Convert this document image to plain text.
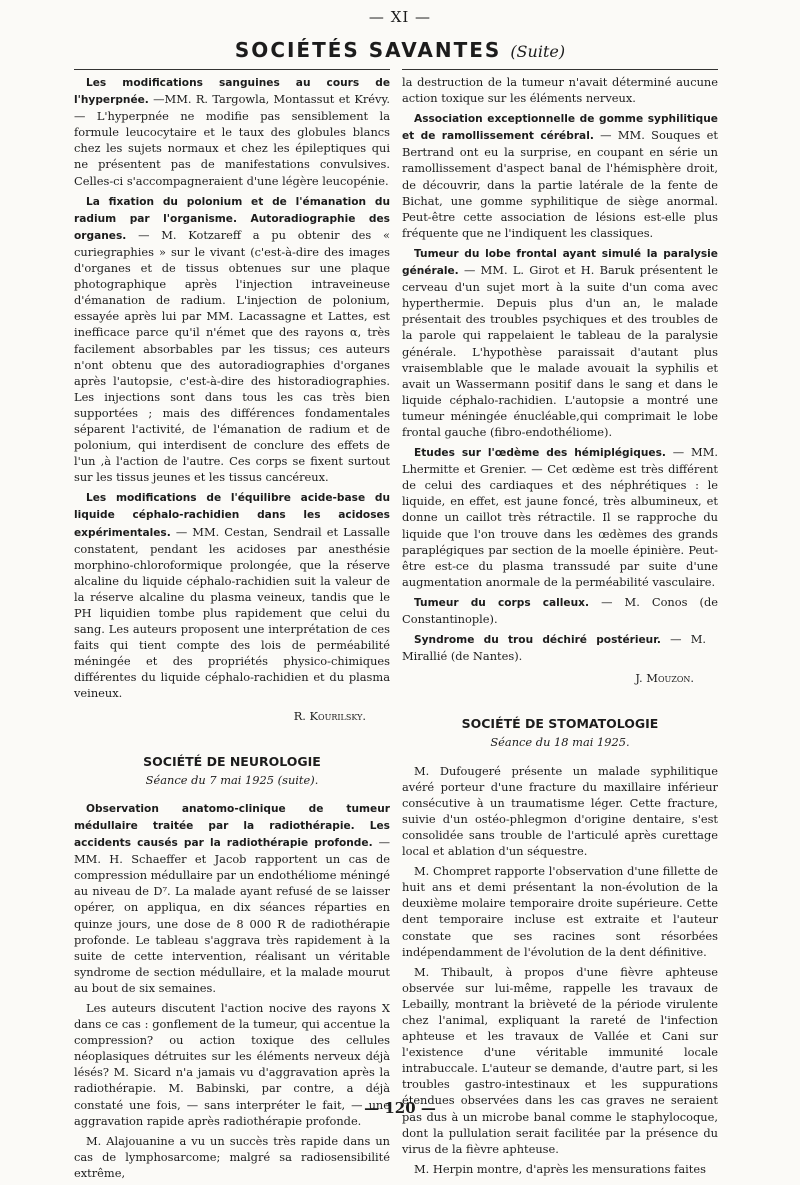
— XI —
SOCIÉTÉS SAVANTES (Suite)

Les modifications sanguines au cours de l'hyperpnée. —MM. R. Targowla, Montassut et Krévy. — L'hyperpnée ne modifie pas sensiblement la formule leucocytaire et le taux des globules blancs chez les sujets normaux et chez les épileptiques qui ne présentent pas de manifestations convulsives. Celles-ci s'accompagneraient d'une légère leucopénie.

La fixation du polonium et de l'émanation du radium par l'organisme. Autoradiographie des organes. — M. Kotzareff a pu obtenir des « curiegraphies » sur le vivant (c'est-à-dire des images d'organes et de tissus obtenues sur une plaque photographique après l'injection intraveineuse d'émanation de radium. L'injection de polonium, essayée après lui par MM. Lacassagne et Lattes, est inefficace parce qu'il n'émet que des rayons α, très facilement absorbables par les tissus; ces auteurs n'ont obtenu que des autoradiographies d'organes après l'autopsie, c'est-à-dire des historadiographies. Les injections sont dans tous les cas très bien supportées ; mais des différences fondamentales séparent l'activité, de l'émanation de radium et de polonium, qui interdisent de conclure des effets de l'un ,à l'action de l'autre. Ces corps se fixent surtout sur les tissus jeunes et les tissus cancéreux.

Les modifications de l'équilibre acide-base du liquide céphalo-rachidien dans les acidoses expérimentales. — MM. Cestan, Sendrail et Lassalle constatent, pendant les acidoses par anesthésie morphino-chloroformique prolongée, que la réserve alcaline du liquide céphalo-rachidien suit la valeur de la réserve alcaline du plasma veineux, tandis que le PH liquidien tombe plus rapidement que celui du sang. Les auteurs proposent une interprétation de ces faits qui tient compte des lois de perméabilité méningée et des propriétés physico-chimiques différentes du liquide céphalo-rachidien et du plasma veineux.

R. Kourilsky.
SOCIÉTÉ DE NEUROLOGIE
Séance du 7 mai 1925 (suite).

Observation anatomo-clinique de tumeur médullaire traitée par la radiothérapie. Les accidents causés par la radiothérapie profonde. — MM. H. Schaeffer et Jacob rapportent un cas de compression médullaire par un endothéliome méningé au niveau de D⁷. La malade ayant refusé de se laisser opérer, on appliqua, en dix séances réparties en quinze jours, une dose de 8 000 R de radiothérapie profonde. Le tableau s'aggrava très rapidement à la suite de cette intervention, réalisant un véritable syndrome de section médullaire, et la malade mourut au bout de six semaines.

Les auteurs discutent l'action nocive des rayons X dans ce cas : gonflement de la tumeur, qui accentue la compression? ou action toxique des cellules néoplasiques détruites sur les éléments nerveux déjà lésés? M. Sicard n'a jamais vu d'aggravation après la radiothérapie. M. Babinski, par contre, a déjà constaté une fois, — sans interpréter le fait, — une aggravation rapide après radiothérapie profonde.

M. Alajouanine a vu un succès très rapide dans un cas de lymphosarcome; malgré sa radiosensibilité extrême,

la destruction de la tumeur n'avait déterminé aucune action toxique sur les éléments nerveux.

Association exceptionnelle de gomme syphilitique et de ramollissement cérébral. — MM. Souques et Bertrand ont eu la surprise, en coupant en série un ramollissement d'aspect banal de l'hémisphère droit, de découvrir, dans la partie latérale de la fente de Bichat, une gomme syphilitique de siège anormal. Peut-être cette association de lésions est-elle plus fréquente que ne l'indiquent les classiques.

Tumeur du lobe frontal ayant simulé la paralysie générale. — MM. L. Girot et H. Baruk présentent le cerveau d'un sujet mort à la suite d'un coma avec hyperthermie. Depuis plus d'un an, le malade présentait des troubles psychiques et des troubles de la parole qui rappelaient le tableau de la paralysie générale. L'hypothèse paraissait d'autant plus vraisemblable que le malade avouait la syphilis et avait un Wassermann positif dans le sang et dans le liquide céphalo-rachidien. L'autopsie a montré une tumeur méningée énucléable,qui comprimait le lobe frontal gauche (fibro-endothéliome).

Etudes sur l'œdème des hémiplégiques. — MM. Lhermitte et Grenier. — Cet œdème est très différent de celui des cardiaques et des néphrétiques : le liquide, en effet, est jaune foncé, très albumineux, et donne un caillot très rétractile. Il se rapproche du liquide que l'on trouve dans les œdèmes des grands paraplégiques par section de la moelle épinière. Peut-être est-ce du plasma transsudé par suite d'une augmentation anormale de la perméabilité vasculaire.

Tumeur du corps calleux. — M. Conos (de Constantinople).

Syndrome du trou déchiré postérieur. — M. Mirallié (de Nantes).

J. Mouzon.
SOCIÉTÉ DE STOMATOLOGIE
Séance du 18 mai 1925.

M. Dufougeré présente un malade syphilitique avéré porteur d'une fracture du maxillaire inférieur consécutive à un traumatisme léger. Cette fracture, suivie d'un ostéo-phlegmon d'origine dentaire, s'est consolidée sans trouble de l'articulé après curettage local et ablation d'un séquestre.

M. Chompret rapporte l'observation d'une fillette de huit ans et demi présentant la non-évolution de la deuxième molaire temporaire droite supérieure. Cette dent temporaire incluse est extraite et l'auteur constate que ses racines sont résorbées indépendamment de l'évolution de la dent définitive.

M. Thibault, à propos d'une fièvre aphteuse observée sur lui-même, rappelle les travaux de Lebailly, montrant la brièveté de la période virulente chez l'animal, expliquant la rareté de l'infection aphteuse et les travaux de Vallée et Cani sur l'existence d'une véritable immunité locale intrabuccale. L'auteur se demande, d'autre part, si les troubles gastro-intestinaux et les suppurations étendues observées dans les cas graves ne seraient pas dus à un microbe banal comme le staphylocoque, dont la pullulation serait facilitée par la présence du virus de la fièvre aphteuse.

M. Herpin montre, d'après les mensurations faites

— 120 —
